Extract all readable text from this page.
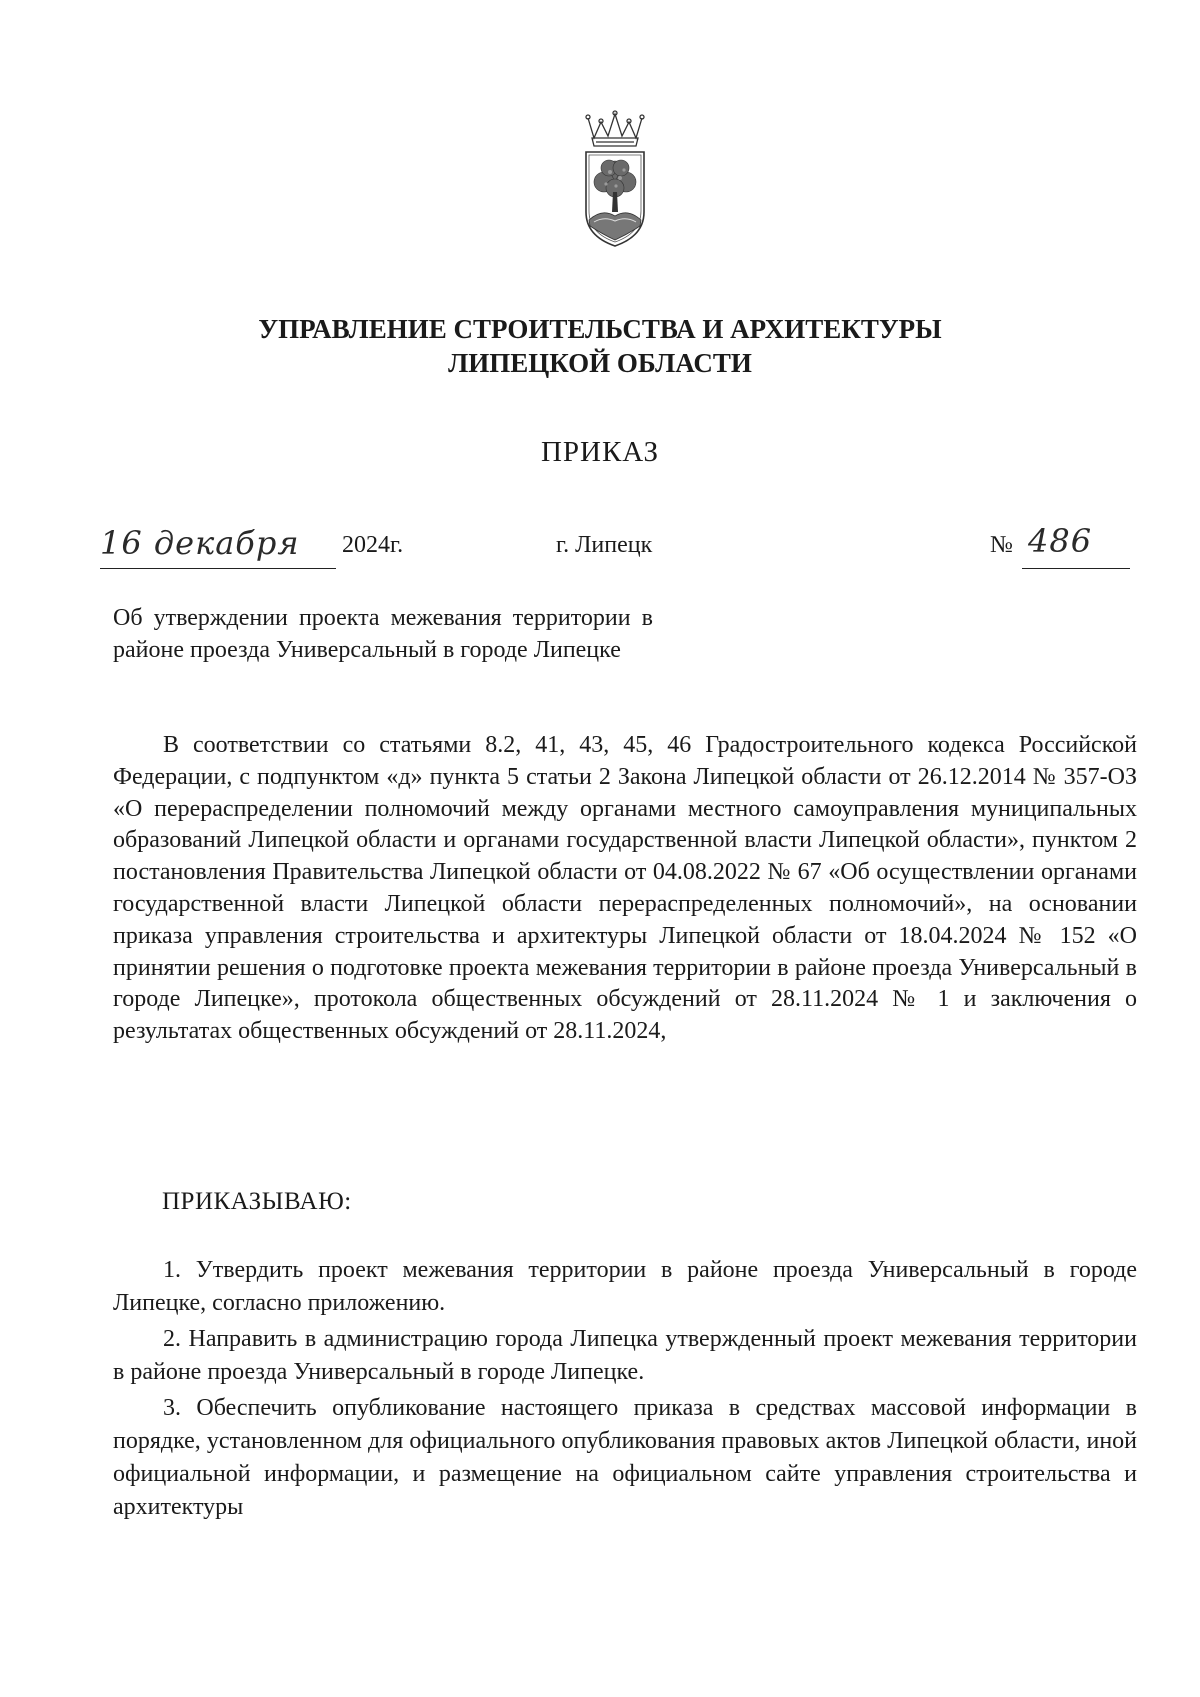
УПРАВЛЕНИЕ СТРОИТЕЛЬСТВА И АРХИТЕКТУРЫ
ЛИПЕЦКОЙ ОБЛАСТИ
ПРИКАЗ
16 декабря	2024г.	г. Липецк	№ 486
Об утверждении проекта межевания территории в районе проезда Универсальный в городе Липецке
В соответствии со статьями 8.2, 41, 43, 45, 46 Градостроительного кодекса Российской Федерации, с подпунктом «д» пункта 5 статьи 2 Закона Липецкой области от 26.12.2014 № 357-ОЗ «О перераспределении полномочий между органами местного самоуправления муниципальных образований Липецкой области и органами государственной власти Липецкой области», пунктом 2 постановления Правительства Липецкой области от 04.08.2022 № 67 «Об осуществлении органами государственной власти Липецкой области перераспределенных полномочий», на основании приказа управления строительства и архитектуры Липецкой области от 18.04.2024 № 152 «О принятии решения о подготовке проекта межевания территории в районе проезда Универсальный в городе Липецке», протокола общественных обсуждений от 28.11.2024 № 1 и заключения о результатах общественных обсуждений от 28.11.2024,
ПРИКАЗЫВАЮ:

1. Утвердить проект межевания территории в районе проезда Универсальный в городе Липецке, согласно приложению.

2. Направить в администрацию города Липецка утвержденный проект межевания территории в районе проезда Универсальный в городе Липецке.

3. Обеспечить опубликование настоящего приказа в средствах массовой информации в порядке, установленном для официального опубликования правовых актов Липецкой области, иной официальной информации, и размещение на официальном сайте управления строительства и архитектуры
